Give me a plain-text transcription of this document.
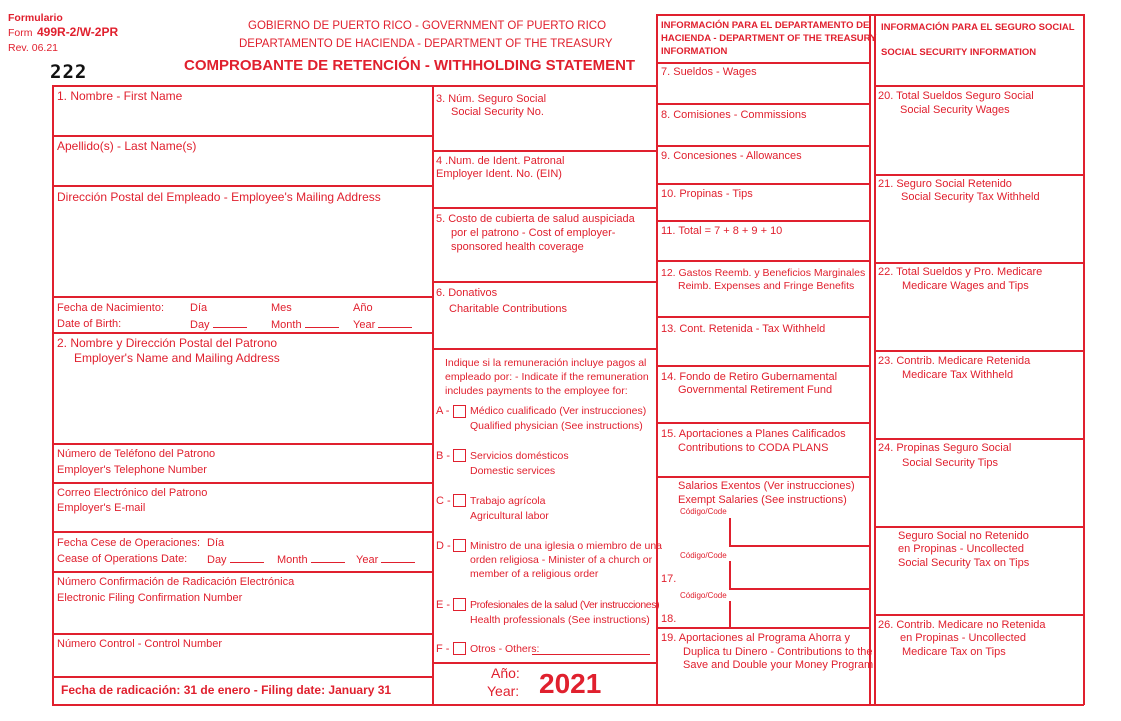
Formulario
Form 499R-2/W-2PR
Rev. 06.21
222
GOBIERNO DE PUERTO RICO - GOVERNMENT OF PUERTO RICO
DEPARTAMENTO DE HACIENDA - DEPARTMENT OF THE TREASURY
COMPROBANTE DE RETENCIÓN - WITHHOLDING STATEMENT
1. Nombre - First Name
Apellido(s) - Last Name(s)
Dirección Postal del Empleado - Employee's Mailing Address
Fecha de Nacimiento:
Date of Birth:
Día	Mes	Año
Day	Month	Year
2. Nombre y Dirección Postal del Patrono
Employer's Name and Mailing Address
Número de Teléfono del Patrono
Employer's Telephone Number
Correo Electrónico del Patrono
Employer's E-mail
Fecha Cese de Operaciones: Día
Cease of Operations Date: Day	Month	Year
Número Confirmación de Radicación Electrónica
Electronic Filing Confirmation Number
Número Control - Control Number
Fecha de radicación: 31 de enero - Filing date: January 31
3. Núm. Seguro Social
Social Security No.
4 .Num. de Ident. Patronal
Employer Ident. No. (EIN)
5. Costo de cubierta de salud auspiciada
por el patrono - Cost of employer-
sponsored health coverage
6. Donativos
Charitable Contributions
Indique si la remuneración incluye pagos al
empleado por: - Indicate if the remuneration
includes payments to the employee for:
A - Médico cualificado (Ver instrucciones)
Qualified physician (See instructions)
B - Servicios domésticos
Domestic services
C - Trabajo agrícola
Agricultural labor
D - Ministro de una iglesia o miembro de una
orden religiosa - Minister of a church or
member of a religious order
E - Profesionales de la salud (Ver instrucciones)
Health professionals (See instructions)
F - Otros - Others:
Año:
Year: 2021
INFORMACIÓN PARA EL DEPARTAMENTO DE
HACIENDA - DEPARTMENT OF THE TREASURY
INFORMATION
7. Sueldos - Wages
8. Comisiones - Commissions
9. Concesiones - Allowances
10. Propinas - Tips
11. Total = 7 + 8 + 9 + 10
12. Gastos Reemb. y Beneficios Marginales
Reimb. Expenses and Fringe Benefits
13. Cont. Retenida - Tax Withheld
14. Fondo de Retiro Gubernamental
Governmental Retirement Fund
15. Aportaciones a Planes Calificados
Contributions to CODA PLANS
Salarios Exentos (Ver instrucciones)
Exempt Salaries (See instructions)
Código/Code
Código/Code
17.
Código/Code
18.
19. Aportaciones al Programa Ahorra y
Duplica tu Dinero - Contributions to the
Save and Double your Money Program
INFORMACIÓN PARA EL SEGURO SOCIAL
SOCIAL SECURITY INFORMATION
20. Total Sueldos Seguro Social
Social Security Wages
21. Seguro Social Retenido
Social Security Tax Withheld
22. Total Sueldos y Pro. Medicare
Medicare Wages and Tips
23. Contrib. Medicare Retenida
Medicare Tax Withheld
24. Propinas Seguro Social
Social Security Tips
Seguro Social no Retenido
en Propinas - Uncollected
Social Security Tax on Tips
26. Contrib. Medicare no Retenida
en Propinas - Uncollected
Medicare Tax on Tips
